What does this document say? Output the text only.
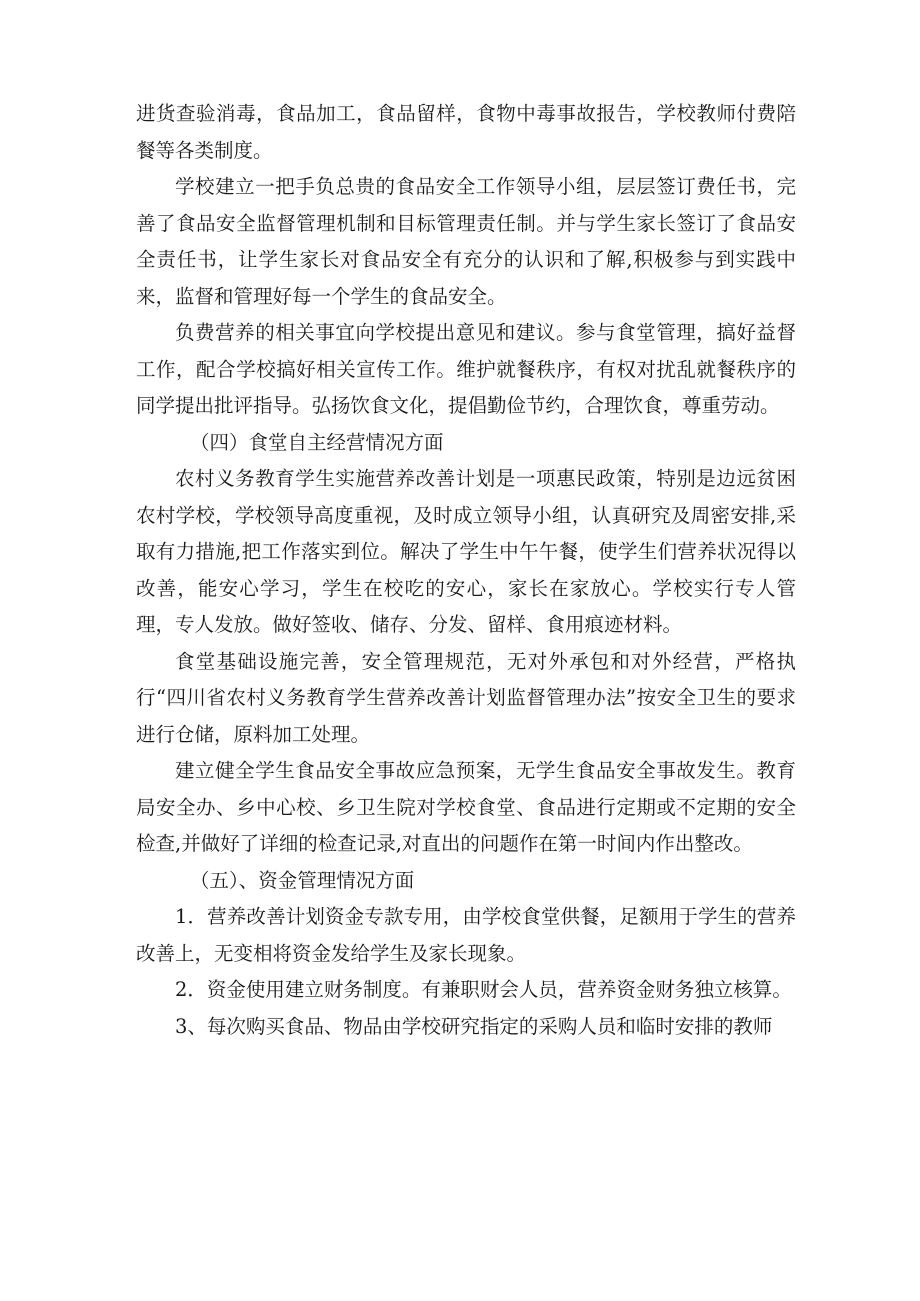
进货查验消毒，食品加工，食品留样，食物中毒事故报告，学校教师付费陪餐等各类制度。

学校建立一把手负总贵的食品安全工作领导小组，层层签订费任书，完善了食品安全监督管理机制和目标管理责任制。并与学生家长签订了食品安全责任书，让学生家长对食品安全有充分的认识和了解,积极参与到实践中来，监督和管理好每一个学生的食品安全。

负费营养的相关事宜向学校提出意见和建议。参与食堂管理，搞好益督工作，配合学校搞好相关宣传工作。维护就餐秩序，有权对扰乱就餐秩序的同学提出批评指导。弘扬饮食文化，提倡勤俭节约，合理饮食，尊重劳动。

（四）食堂自主经营情况方面

农村义务教育学生实施营养改善计划是一项惠民政策，特别是边远贫困农村学校，学校领导高度重视，及时成立领导小组，认真研究及周密安排,采取有力措施,把工作落实到位。解决了学生中午午餐，使学生们营养状况得以改善，能安心学习，学生在校吃的安心，家长在家放心。学校实行专人管理，专人发放。做好签收、储存、分发、留样、食用痕迹材料。

食堂基础设施完善，安全管理规范，无对外承包和对外经营，严格执行“四川省农村义务教育学生营养改善计划监督管理办法”按安全卫生的要求进行仓储，原料加工处理。

建立健全学生食品安全事故应急预案，无学生食品安全事故发生。教育局安全办、乡中心校、乡卫生院对学校食堂、食品进行定期或不定期的安全检查,并做好了详细的检查记录,对直出的问题作在第一时间内作出整改。

（五）、资金管理情况方面

1．营养改善计划资金专款专用，由学校食堂供餐，足额用于学生的营养改善上，无变相将资金发给学生及家长现象。

2．资金使用建立财务制度。有兼职财会人员，营养资金财务独立核算。

3、每次购买食品、物品由学校研究指定的采购人员和临时安排的教师
